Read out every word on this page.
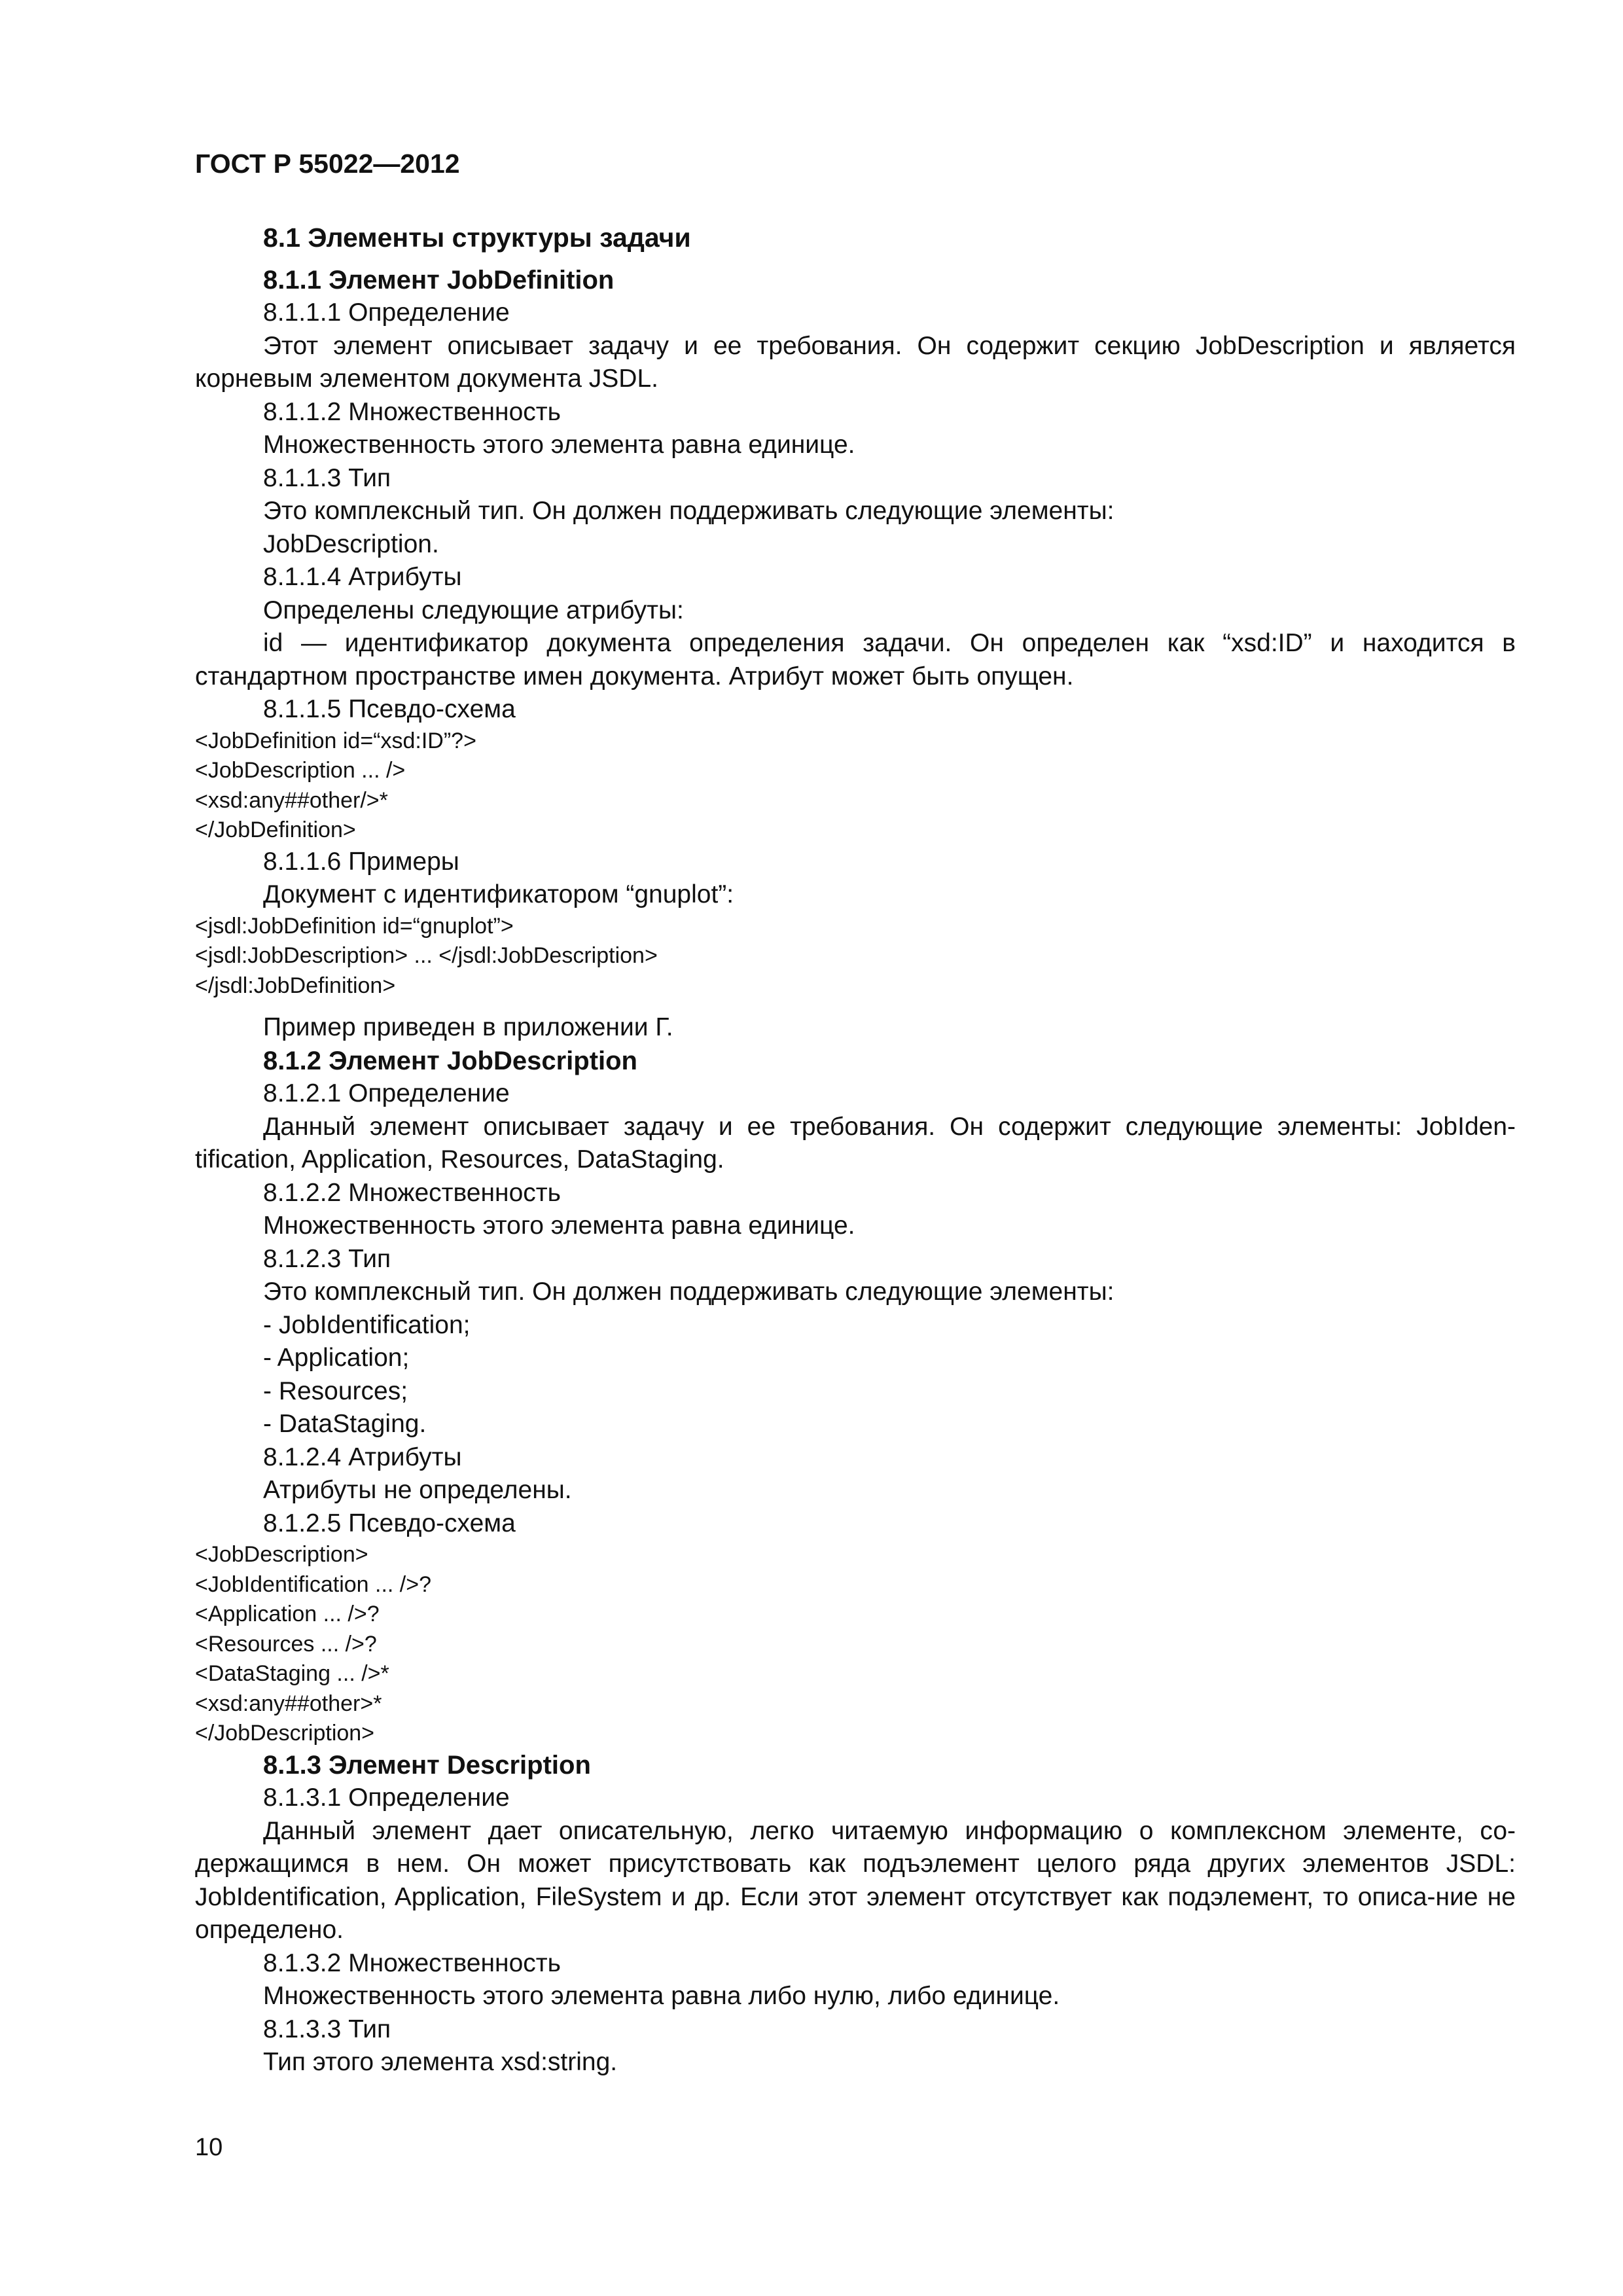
ГОСТ Р 55022—2012

8.1 Элементы структуры задачи

8.1.1 Элемент JobDefinition

8.1.1.1 Определение

Этот элемент описывает задачу и ее требования. Он содержит секцию JobDescription и является корневым элементом документа JSDL.

8.1.1.2 Множественность

Множественность этого элемента равна единице.

8.1.1.3 Тип

Это комплексный тип. Он должен поддерживать следующие элементы:

JobDescription.

8.1.1.4 Атрибуты

Определены следующие атрибуты:

id — идентификатор документа определения задачи. Он определен как “xsd:ID” и находится в стандартном пространстве имен документа. Атрибут может быть опущен.

8.1.1.5 Псевдо-схема

<JobDefinition id=“xsd:ID”?>

<JobDescription ... />

<xsd:any##other/>*

</JobDefinition>

8.1.1.6 Примеры

Документ с идентификатором “gnuplot”:

<jsdl:JobDefinition id=“gnuplot”>

<jsdl:JobDescription> ... </jsdl:JobDescription>

</jsdl:JobDefinition>

Пример приведен в приложении Г.

8.1.2 Элемент JobDescription

8.1.2.1 Определение

Данный элемент описывает задачу и ее требования. Он содержит следующие элементы: JobIden-tification, Application, Resources, DataStaging.

8.1.2.2 Множественность

Множественность этого элемента равна единице.

8.1.2.3 Тип

Это комплексный тип. Он должен поддерживать следующие элементы:

- JobIdentification;

- Application;

- Resources;

- DataStaging.

8.1.2.4 Атрибуты

Атрибуты не определены.

8.1.2.5 Псевдо-схема

<JobDescription>

<JobIdentification ... />?

<Application ... />?

<Resources ... />?

<DataStaging ... />*

<xsd:any##other>*

</JobDescription>

8.1.3 Элемент Description

8.1.3.1 Определение

Данный элемент дает описательную, легко читаемую информацию о комплексном элементе, со-держащимся в нем. Он может присутствовать как подъэлемент целого ряда других элементов JSDL: JobIdentification, Application, FileSystem и др. Если этот элемент отсутствует как подэлемент, то описа-ние не определено.

8.1.3.2 Множественность

Множественность этого элемента равна либо нулю, либо единице.

8.1.3.3 Тип

Тип этого элемента xsd:string.

10
